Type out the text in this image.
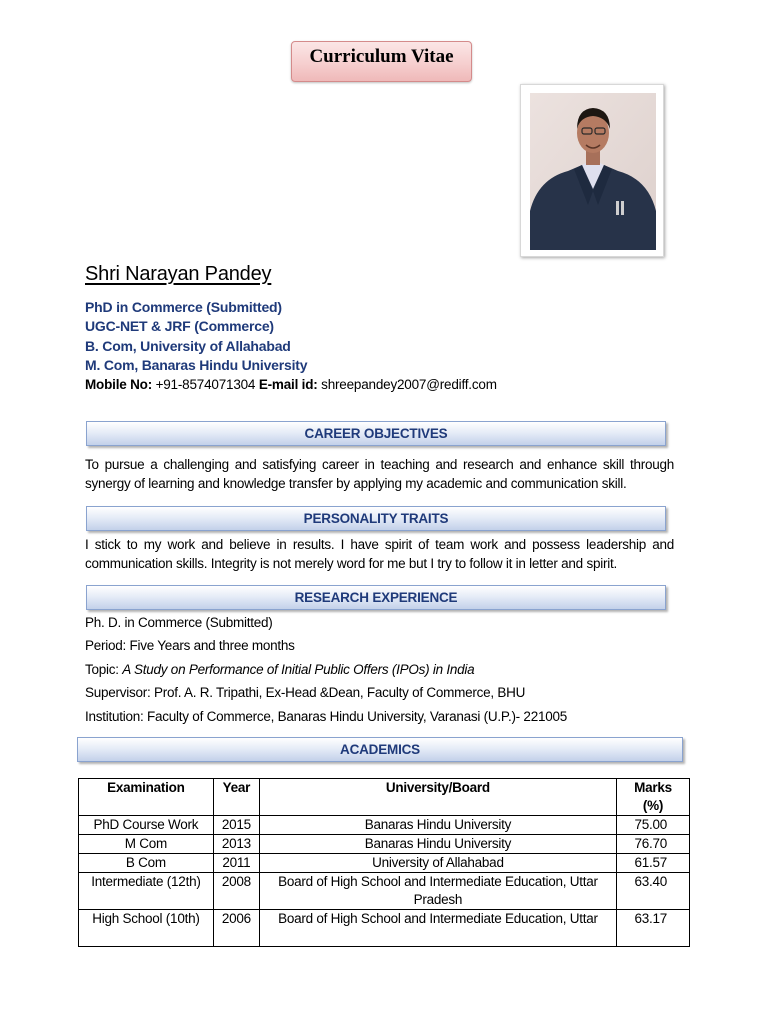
Curriculum Vitae
Shri Narayan Pandey
PhD in Commerce (Submitted)
UGC-NET & JRF (Commerce)
B. Com, University of Allahabad
M. Com, Banaras Hindu University
Mobile No: +91-8574071304 E-mail id: shreepandey2007@rediff.com
CAREER OBJECTIVES
To pursue a challenging and satisfying career in teaching and research and enhance skill through synergy of learning and knowledge transfer by applying my academic and communication skill.
PERSONALITY TRAITS
I stick to my work and believe in results. I have spirit of team work and possess leadership and communication skills. Integrity is not merely word for me but I try to follow it in letter and spirit.
RESEARCH EXPERIENCE
Ph. D. in Commerce (Submitted)
Period: Five Years and three months
Topic: A Study on Performance of Initial Public Offers (IPOs) in India
Supervisor: Prof. A. R. Tripathi, Ex-Head &Dean, Faculty of Commerce, BHU
Institution: Faculty of Commerce, Banaras Hindu University, Varanasi (U.P.)- 221005
ACADEMICS
Examination	Year	University/Board	Marks (%)
PhD Course Work	2015	Banaras Hindu University	75.00
M Com	2013	Banaras Hindu University	76.70
B Com	2011	University of Allahabad	61.57
Intermediate (12th)	2008	Board of High School and Intermediate Education, Uttar Pradesh	63.40
High School (10th)	2006	Board of High School and Intermediate Education, Uttar	63.17
